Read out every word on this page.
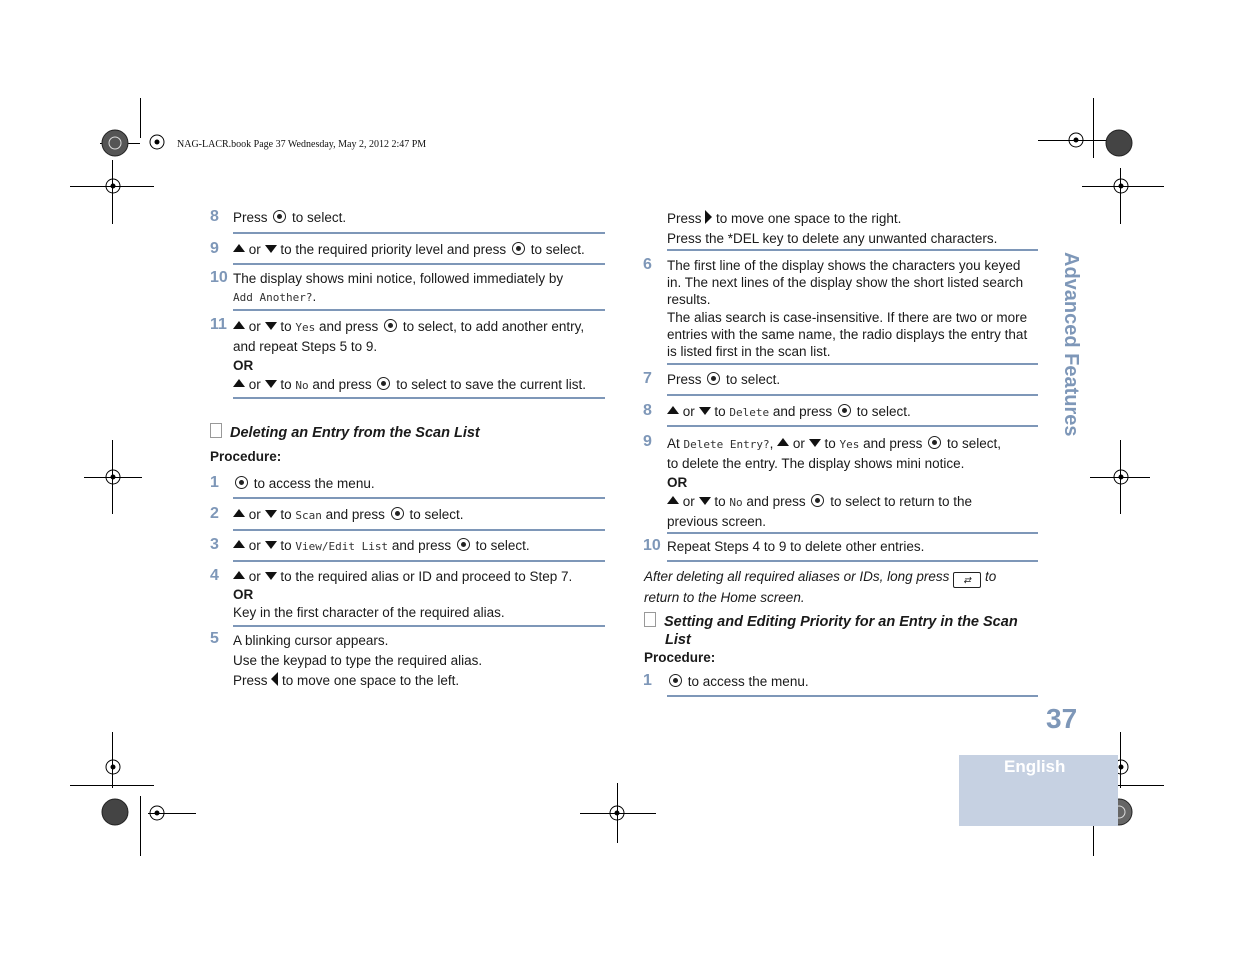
NAG-LACR.book Page 37 Wednesday, May 2, 2012 2:47 PM
8 Press to select.
9	or to the required priority level and press to select.
10 The display shows mini notice, followed immediately by
Add Another?.
11	or to Yes and press to select, to add another entry,
and repeat Steps 5 to 9.
OR
or to No and press to select to save the current list.
Deleting an Entry from the Scan List
Procedure:
1	to access the menu.
2	or to Scan and press to select.
3	or to View/Edit List and press to select.
4	or to the required alias or ID and proceed to Step 7.
OR
Key in the first character of the required alias.
5 A blinking cursor appears.
Use the keypad to type the required alias.
Press to move one space to the left.
Press to move one space to the right.
Press the *DEL key to delete any unwanted characters.
6 The first line of the display shows the characters you keyed
in. The next lines of the display show the short listed search
results.
The alias search is case-insensitive. If there are two or more
entries with the same name, the radio displays the entry that
is listed first in the scan list.
7 Press to select.
8	or to Delete and press to select.
9 At Delete Entry?, or to Yes and press to select,
to delete the entry. The display shows mini notice.
OR
or to No and press to select to return to the
previous screen.
10 Repeat Steps 4 to 9 to delete other entries.
After deleting all required aliases or IDs, long press ⇄ to
return to the Home screen.
Setting and Editing Priority for an Entry in the Scan
List
Procedure:
1	to access the menu.
Advanced Features
37
English
